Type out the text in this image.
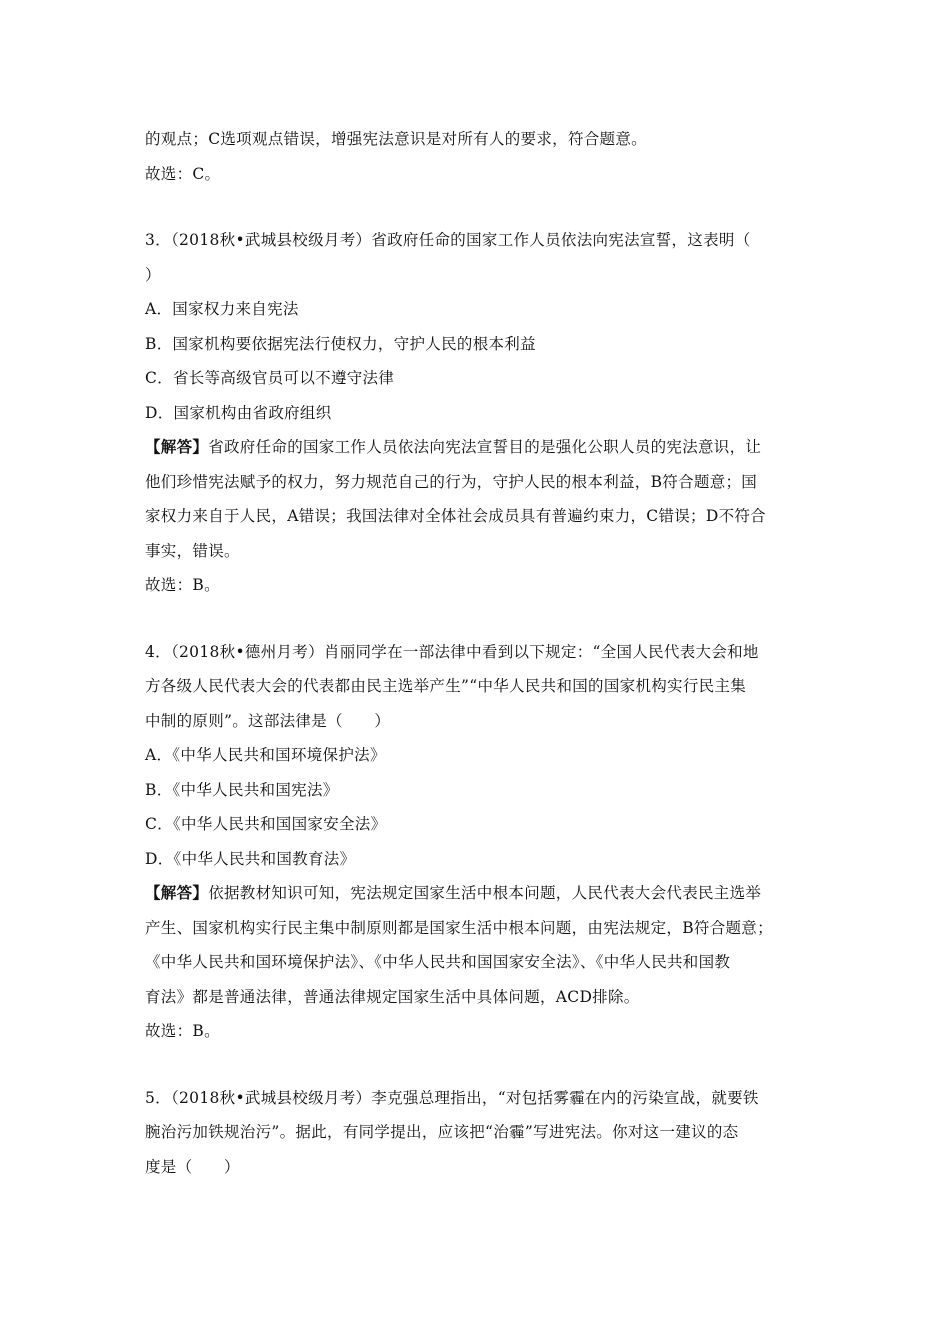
的观点；C选项观点错误，增强宪法意识是对所有人的要求，符合题意。
故选：C。
3．（2018秋•武城县校级月考）省政府任命的国家工作人员依法向宪法宣誓，这表明（
）
A．国家权力来自宪法
B．国家机构要依据宪法行使权力，守护人民的根本利益
C．省长等高级官员可以不遵守法律
D．国家机构由省政府组织
【解答】省政府任命的国家工作人员依法向宪法宣誓目的是强化公职人员的宪法意识，让
他们珍惜宪法赋予的权力，努力规范自己的行为，守护人民的根本利益，B符合题意；国
家权力来自于人民，A错误；我国法律对全体社会成员具有普遍约束力，C错误；D不符合
事实，错误。
故选：B。
4．（2018秋•德州月考）肖丽同学在一部法律中看到以下规定：“全国人民代表大会和地
方各级人民代表大会的代表都由民主选举产生”“中华人民共和国的国家机构实行民主集
中制的原则”。这部法律是（　　）
A．《中华人民共和国环境保护法》
B．《中华人民共和国宪法》
C．《中华人民共和国国家安全法》
D．《中华人民共和国教育法》
【解答】依据教材知识可知，宪法规定国家生活中根本问题，人民代表大会代表民主选举
产生、国家机构实行民主集中制原则都是国家生活中根本问题，由宪法规定，B符合题意；
《中华人民共和国环境保护法》、《中华人民共和国国家安全法》、《中华人民共和国教
育法》都是普通法律，普通法律规定国家生活中具体问题，ACD排除。
故选：B。
5．（2018秋•武城县校级月考）李克强总理指出，“对包括雾霾在内的污染宣战，就要铁
腕治污加铁规治污”。据此，有同学提出，应该把“治霾”写进宪法。你对这一建议的态
度是（　　）
